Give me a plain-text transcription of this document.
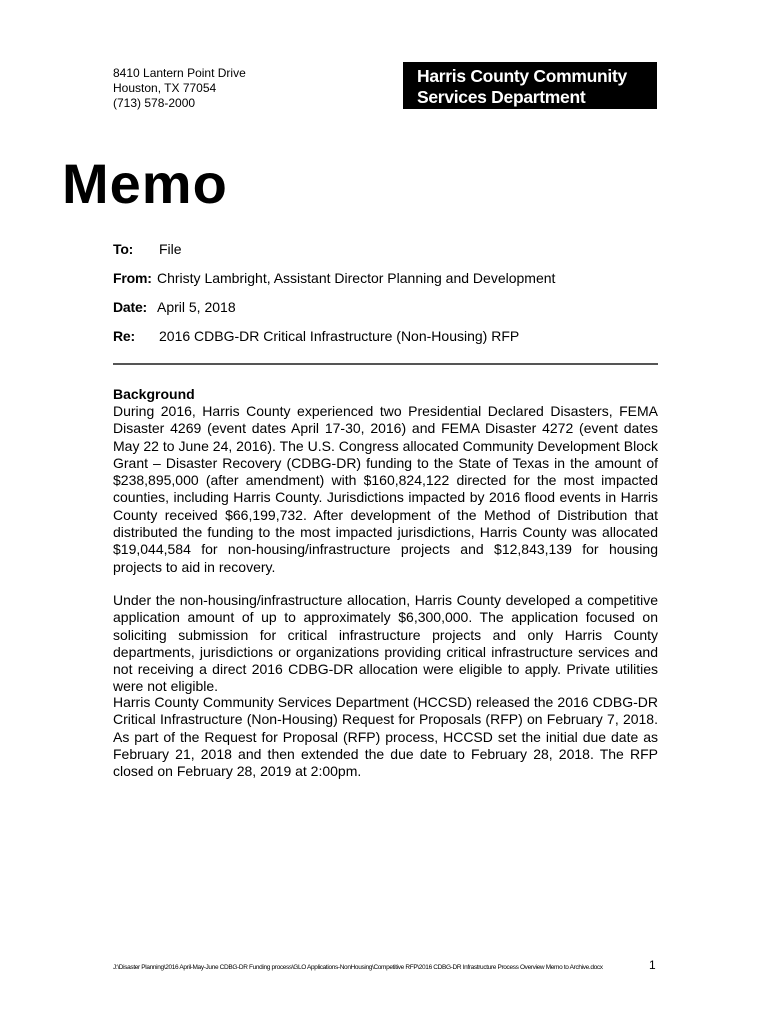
8410 Lantern Point Drive
Houston, TX 77054
(713) 578-2000
Harris County Community
Services Department
Memo
To: File
From: Christy Lambright, Assistant Director Planning and Development
Date: April 5, 2018
Re: 2016 CDBG-DR Critical Infrastructure (Non-Housing) RFP
Background
During 2016, Harris County experienced two Presidential Declared Disasters, FEMA Disaster 4269 (event dates April 17-30, 2016) and FEMA Disaster 4272 (event dates May 22 to June 24, 2016). The U.S. Congress allocated Community Development Block Grant – Disaster Recovery (CDBG-DR) funding to the State of Texas in the amount of $238,895,000 (after amendment) with $160,824,122 directed for the most impacted counties, including Harris County. Jurisdictions impacted by 2016 flood events in Harris County received $66,199,732. After development of the Method of Distribution that distributed the funding to the most impacted jurisdictions, Harris County was allocated $19,044,584 for non-housing/infrastructure projects and $12,843,139 for housing projects to aid in recovery.
Under the non-housing/infrastructure allocation, Harris County developed a competitive application amount of up to approximately $6,300,000. The application focused on soliciting submission for critical infrastructure projects and only Harris County departments, jurisdictions or organizations providing critical infrastructure services and not receiving a direct 2016 CDBG-DR allocation were eligible to apply. Private utilities were not eligible.
Harris County Community Services Department (HCCSD) released the 2016 CDBG-DR Critical Infrastructure (Non-Housing) Request for Proposals (RFP) on February 7, 2018. As part of the Request for Proposal (RFP) process, HCCSD set the initial due date as February 21, 2018 and then extended the due date to February 28, 2018. The RFP closed on February 28, 2019 at 2:00pm.
J:\Disaster Planning\2016 April-May-June CDBG-DR Funding process\GLO Applications-NonHousing\Competitive RFP\2016 CDBG-DR Infrastructure Process Overview Memo to Archive.docx	1
